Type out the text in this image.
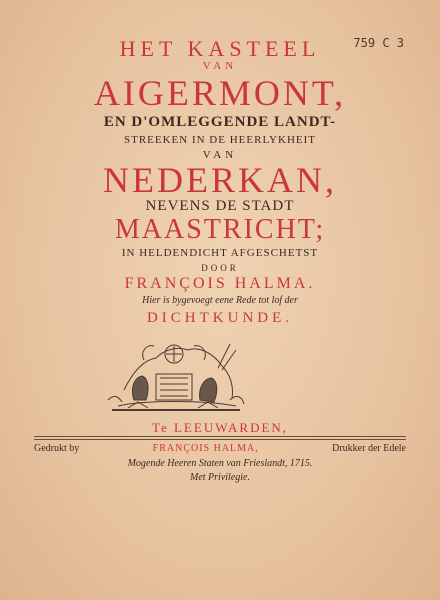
759 C 3
HET KASTEEL
VAN
AIGERMONT,
EN D'OMLEGGENDE LANDT-
STREEKEN IN DE HEERLYKHEIT
VAN
NEDERKAN,
NEVENS DE STADT
MAASTRICHT;
IN HELDENDICHT AFGESCHETST
DOOR
FRANÇOIS HALMA.
Hier is bygevoegt eene Rede tot lof der
DICHTKUNDE.
Te LEEUWARDEN,
Gedrukt by	FRANÇOIS HALMA,	Drukker der Edele
Mogende Heeren Staten van Frieslandt, 1715.
Met Privilegie.
